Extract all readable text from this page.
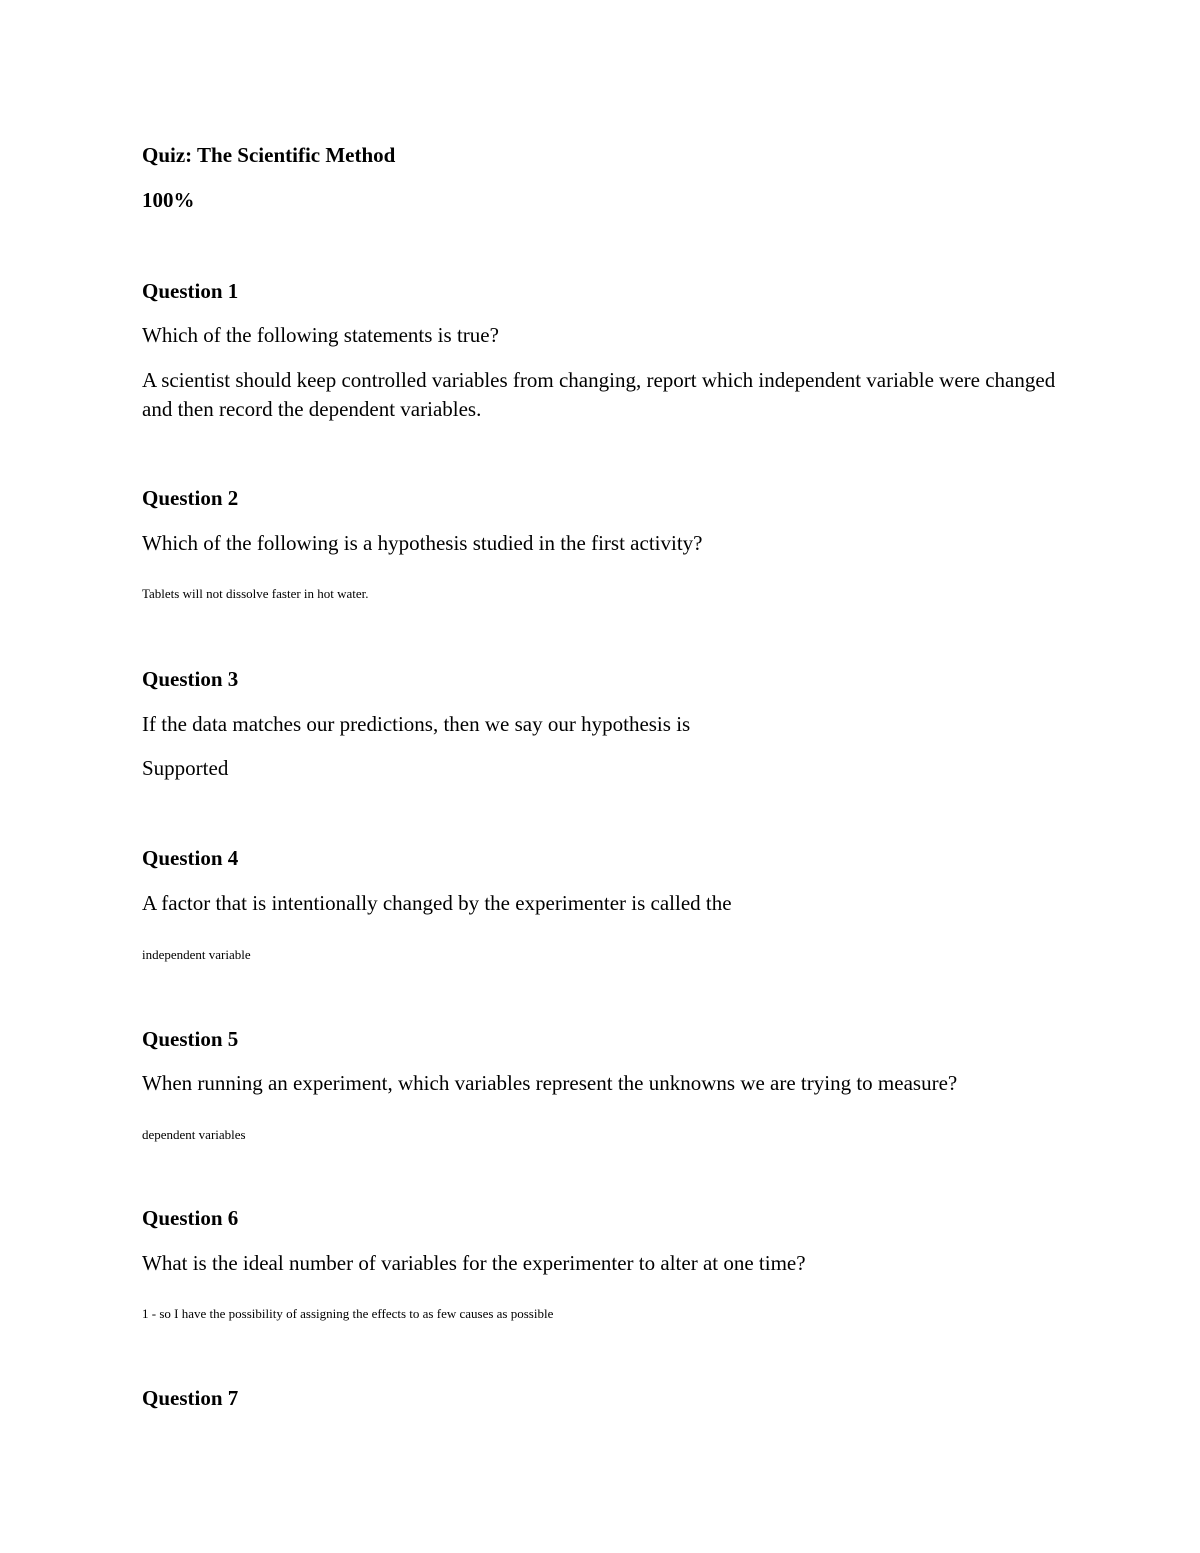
Quiz: The Scientific Method

100%

Question 1

Which of the following statements is true?

A scientist should keep controlled variables from changing, report which independent variable were changed and then record the dependent variables.

Question 2

Which of the following is a hypothesis studied in the first activity?

Tablets will not dissolve faster in hot water.

Question 3

If the data matches our predictions, then we say our hypothesis is

Supported

Question 4

A factor that is intentionally changed by the experimenter is called the

independent variable

Question 5

When running an experiment, which variables represent the unknowns we are trying to measure?

dependent variables

Question 6

What is the ideal number of variables for the experimenter to alter at one time?

1 - so I have the possibility of assigning the effects to as few causes as possible

Question 7
